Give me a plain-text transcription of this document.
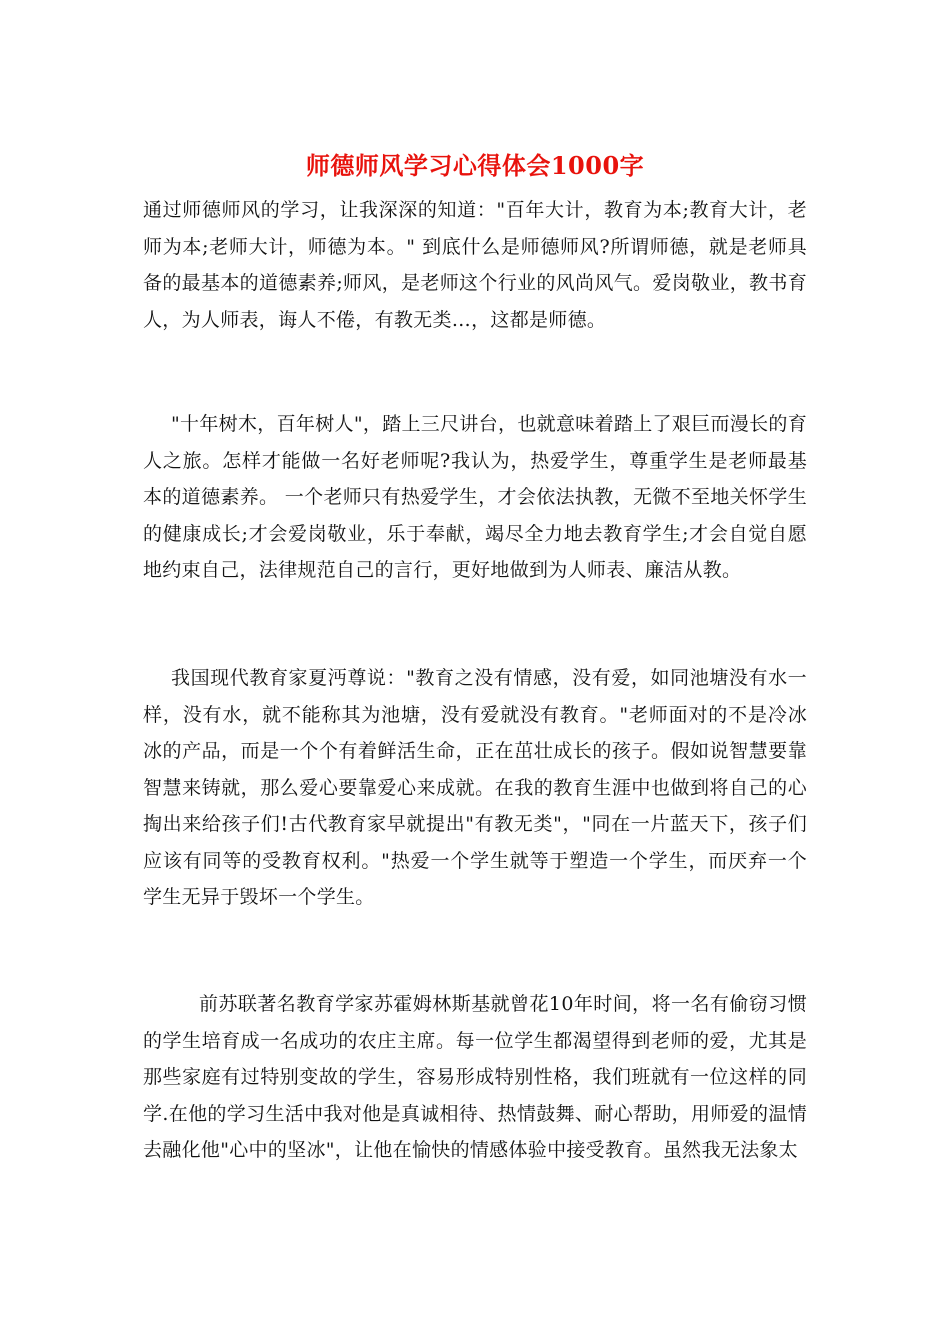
师德师风学习心得体会1000字

通过师德师风的学习，让我深深的知道："百年大计，教育为本;教育大计，老师为本;老师大计，师德为本。" 到底什么是师德师风?所谓师德，就是老师具备的最基本的道德素养;师风，是老师这个行业的风尚风气。爱岗敬业，教书育人，为人师表，诲人不倦，有教无类…，这都是师德。

"十年树木，百年树人"，踏上三尺讲台，也就意味着踏上了艰巨而漫长的育人之旅。怎样才能做一名好老师呢?我认为，热爱学生，尊重学生是老师最基本的道德素养。 一个老师只有热爱学生，才会依法执教，无微不至地关怀学生的健康成长;才会爱岗敬业，乐于奉献，竭尽全力地去教育学生;才会自觉自愿地约束自己，法律规范自己的言行，更好地做到为人师表、廉洁从教。

我国现代教育家夏沔尊说："教育之没有情感，没有爱，如同池塘没有水一样，没有水，就不能称其为池塘，没有爱就没有教育。"老师面对的不是冷冰冰的产品，而是一个个有着鲜活生命，正在茁壮成长的孩子。假如说智慧要靠智慧来铸就，那么爱心要靠爱心来成就。在我的教育生涯中也做到将自己的心掏出来给孩子们!古代教育家早就提出"有教无类"，"同在一片蓝天下，孩子们应该有同等的受教育权利。"热爱一个学生就等于塑造一个学生，而厌弃一个学生无异于毁坏一个学生。

前苏联著名教育学家苏霍姆林斯基就曾花10年时间，将一名有偷窃习惯的学生培育成一名成功的农庄主席。每一位学生都渴望得到老师的爱，尤其是那些家庭有过特别变故的学生，容易形成特别性格，我们班就有一位这样的同学.在他的学习生活中我对他是真诚相待、热情鼓舞、耐心帮助，用师爱的温情去融化他"心中的坚冰"，让他在愉快的情感体验中接受教育。虽然我无法象太
